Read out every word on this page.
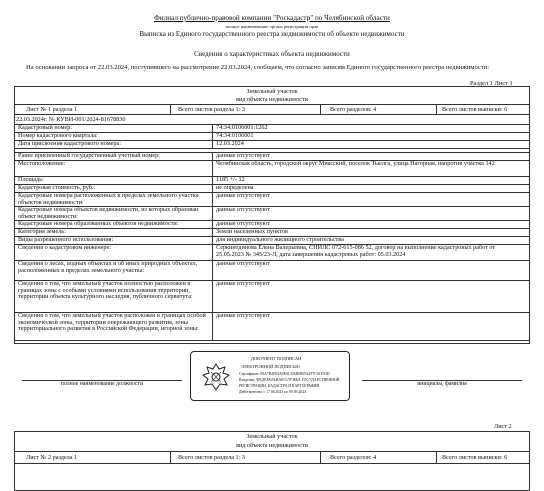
Филиал публично-правовой компании "Роскадастр" по Челябинской области
полное наименование органа регистрации прав
Выписка из Единого государственного реестра недвижимости об объекте недвижимости
Сведения о характеристиках объекта недвижимости
На основании запроса от 22.03.2024, поступившего на рассмотрение 22.03.2024, сообщаем, что согласно записям Единого государственного реестра недвижимости:
Раздел 1 Лист 1
Земельный участок
вид объекта недвижимости
Лист № 1 раздела 1	Всего листов раздела 1: 3	Всего разделов: 4	Всего листов выписки: 6
22.03.2024г. № КУВИ-001/2024-81678830
Кадастровый номер:	74:34:0106001:1262
Номер кадастрового квартала:	74:34:0106001
Дата присвоения кадастрового номера:	12.03.2024
Ранее присвоенный государственный учетный номер:	данные отсутствуют
Местоположение:	Челябинская область, городской округ Миасский, поселок Тыелга, улица Нагорная, напротив участка 142
Площадь:	1185 +/- 12
Кадастровая стоимость, руб.:	не определена
Кадастровые номера расположенных в пределах земельного участка объектов недвижимости:
данные отсутствуют
Кадастровые номера объектов недвижимости, из которых образован объект недвижимости:
данные отсутствуют
Кадастровые номера образованных объектов недвижимости:	данные отсутствуют
Категория земель:	Земли населенных пунктов
Виды разрешенного использования:	для индивидуального жилищного строительства
Сведения о кадастровом инженере:	Серкинтдинова Елена Валерьевна, СНИЛС 072-615-086 52, договор на выполнение кадастровых работ от 25.05.2023 № 345/23-Л, дата завершения кадастровых работ: 05.03.2024
Сведения о лесах, водных объектах и об иных природных объектах, расположенных в пределах земельного участка:
данные отсутствуют
Сведения о том, что земельный участок полностью расположен в границах зоны с особыми условиями использования территории, территории объекта культурного наследия, публичного сервитута:
данные отсутствуют
Сведения о том, что земельный участок расположен в границах особой экономической зоны, территории опережающего развития, зоны территориального развития в Российской Федерации, игорной зоны:
данные отсутствуют
ДОКУМЕНТ ПОДПИСАН
ЭЛЕКТРОННОЙ ПОДПИСЬЮ
Сертификат: 00A7B2F63A9E0C1D4E8B5A2F7C61E93D
Владелец: ФЕДЕРАЛЬНАЯ СЛУЖБА ГОСУДАРСТВЕННОЙ
РЕГИСТРАЦИИ, КАДАСТРА И КАРТОГРАФИИ
Действителен: с 17.06.2023 по 09.09.2024
полное наименование должности	инициалы, фамилия
Лист 2
Земельный участок
вид объекта недвижимости
Лист № 2 раздела 1	Всего листов раздела 1: 3	Всего разделов: 4	Всего листов выписки: 6
